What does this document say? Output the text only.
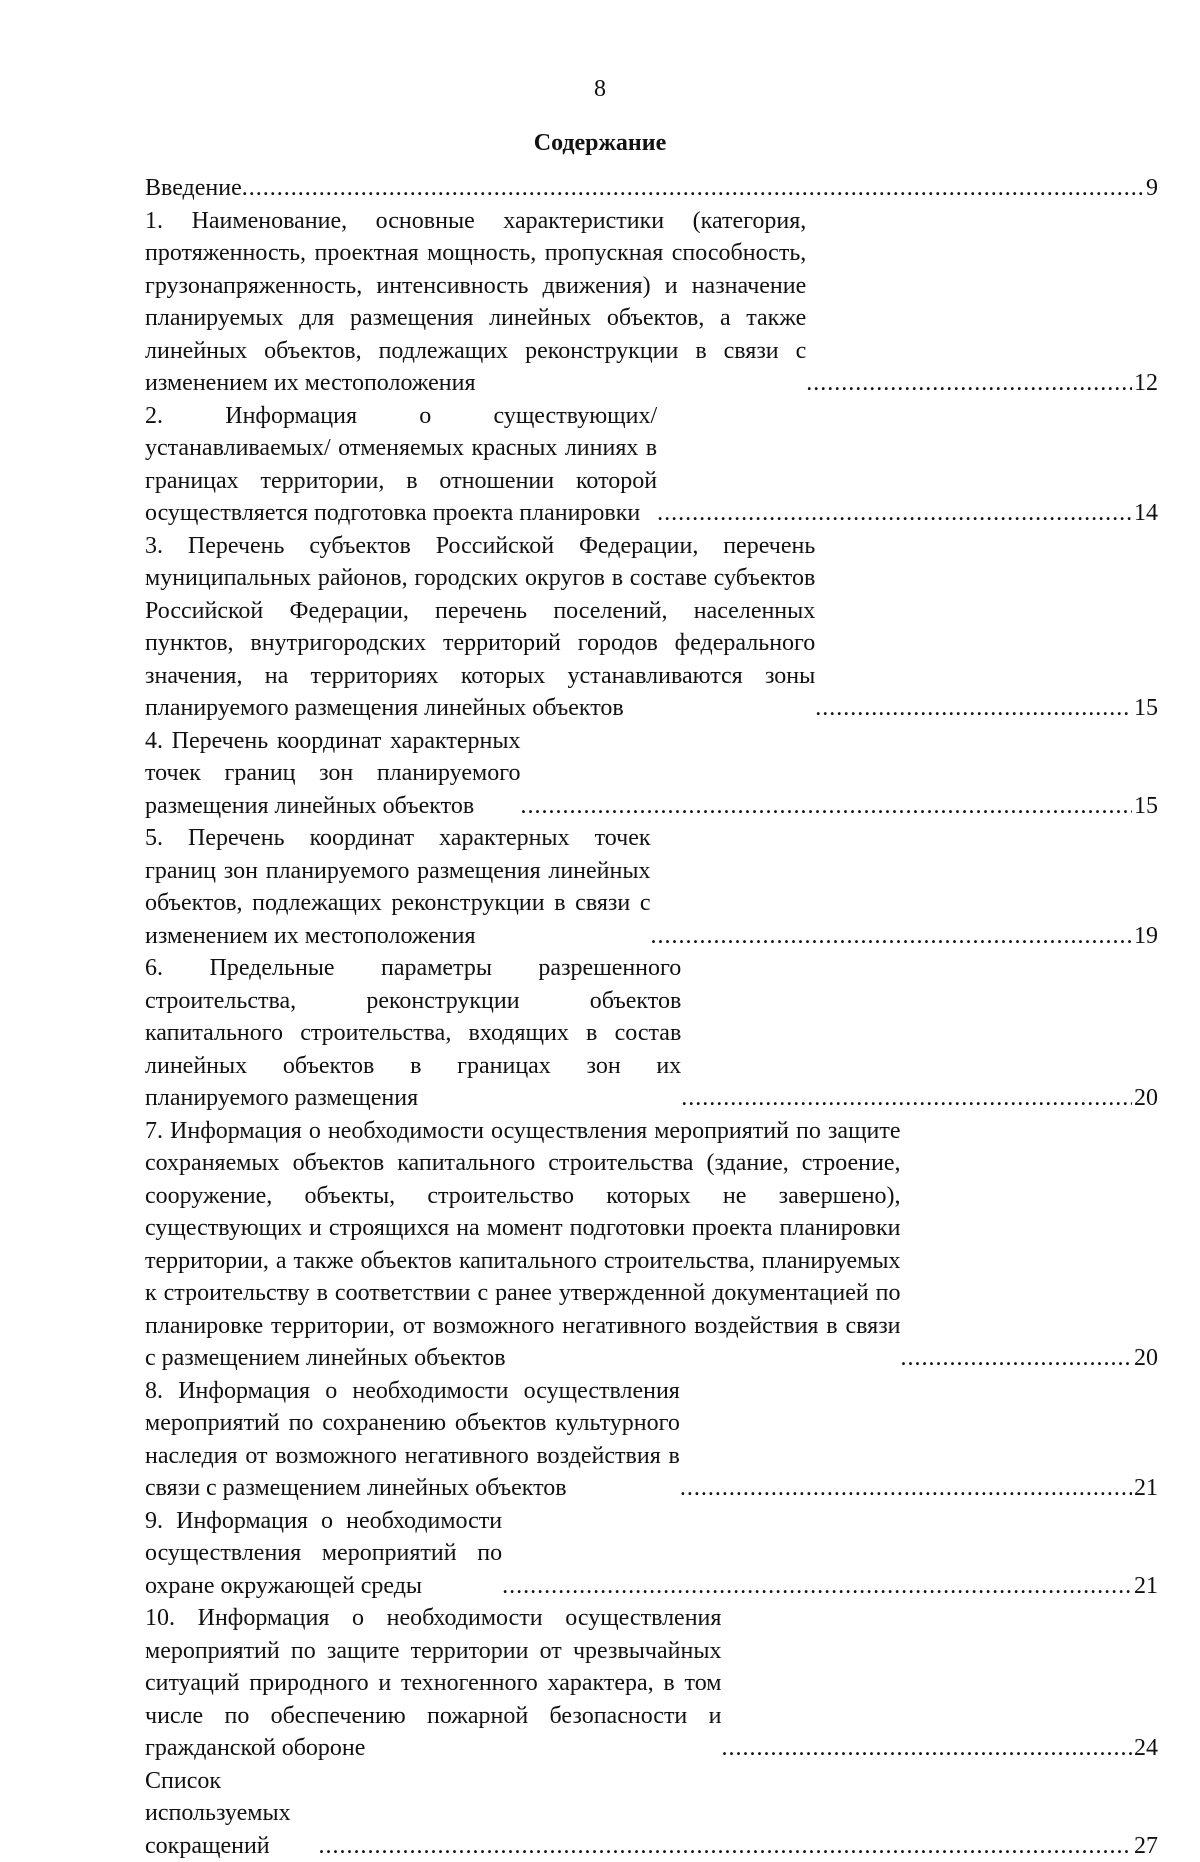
8
Содержание
Введение .....	9
1. Наименование, основные характеристики (категория, протяженность, проектная мощность, пропускная способность, грузонапряженность, интенсивность движения) и назначение планируемых для размещения линейных объектов, а также линейных объектов, подлежащих реконструкции в связи с изменением их местоположения .....	12
2. Информация о существующих/ устанавливаемых/ отменяемых красных линиях в границах территории, в отношении которой осуществляется подготовка проекта планировки .....	14
3. Перечень субъектов Российской Федерации, перечень муниципальных районов, городских округов в составе субъектов Российской Федерации, перечень поселений, населенных пунктов, внутригородских территорий городов федерального значения, на территориях которых устанавливаются зоны планируемого размещения линейных объектов .....	15
4. Перечень координат характерных точек границ зон планируемого размещения линейных объектов .....	15
5. Перечень координат характерных точек границ зон планируемого размещения линейных объектов, подлежащих реконструкции в связи с изменением их местоположения .....	19
6. Предельные параметры разрешенного строительства, реконструкции объектов капитального строительства, входящих в состав линейных объектов в границах зон их планируемого размещения .....	20
7. Информация о необходимости осуществления мероприятий по защите сохраняемых объектов капитального строительства (здание, строение, сооружение, объекты, строительство которых не завершено), существующих и строящихся на момент подготовки проекта планировки территории, а также объектов капитального строительства, планируемых к строительству в соответствии с ранее утвержденной документацией по планировке территории, от возможного негативного воздействия в связи с размещением линейных объектов .....	20
8. Информация о необходимости осуществления мероприятий по сохранению объектов культурного наследия от возможного негативного воздействия в связи с размещением линейных объектов .....	21
9. Информация о необходимости осуществления мероприятий по охране окружающей среды .....	21
10. Информация о необходимости осуществления мероприятий по защите территории от чрезвычайных ситуаций природного и техногенного характера, в том числе по обеспечению пожарной безопасности и гражданской обороне .....	24
Список используемых сокращений .....	27
